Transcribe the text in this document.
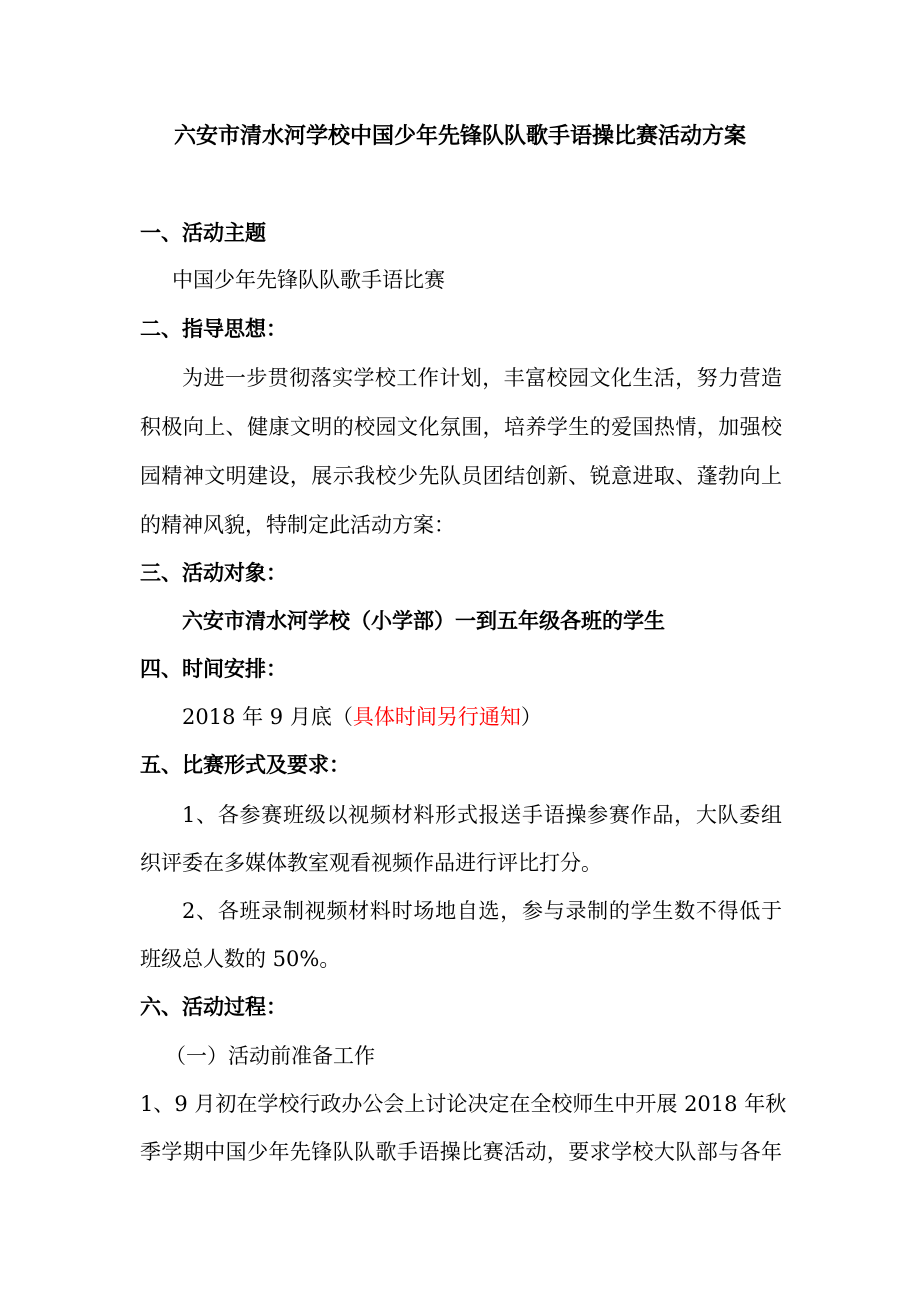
六安市清水河学校中国少年先锋队队歌手语操比赛活动方案
一、活动主题
中国少年先锋队队歌手语比赛
二、指导思想：
为进一步贯彻落实学校工作计划，丰富校园文化生活，努力营造
积极向上、健康文明的校园文化氛围，培养学生的爱国热情，加强校
园精神文明建设，展示我校少先队员团结创新、锐意进取、蓬勃向上
的精神风貌，特制定此活动方案：
三、活动对象：
六安市清水河学校（小学部）一到五年级各班的学生
四、时间安排：
2018 年 9 月底（具体时间另行通知）
五、比赛形式及要求：
1、各参赛班级以视频材料形式报送手语操参赛作品，大队委组
织评委在多媒体教室观看视频作品进行评比打分。
2、各班录制视频材料时场地自选，参与录制的学生数不得低于
班级总人数的 50%。
六、活动过程：
（一）活动前准备工作
1、9 月初在学校行政办公会上讨论决定在全校师生中开展 2018 年秋
季学期中国少年先锋队队歌手语操比赛活动，要求学校大队部与各年
